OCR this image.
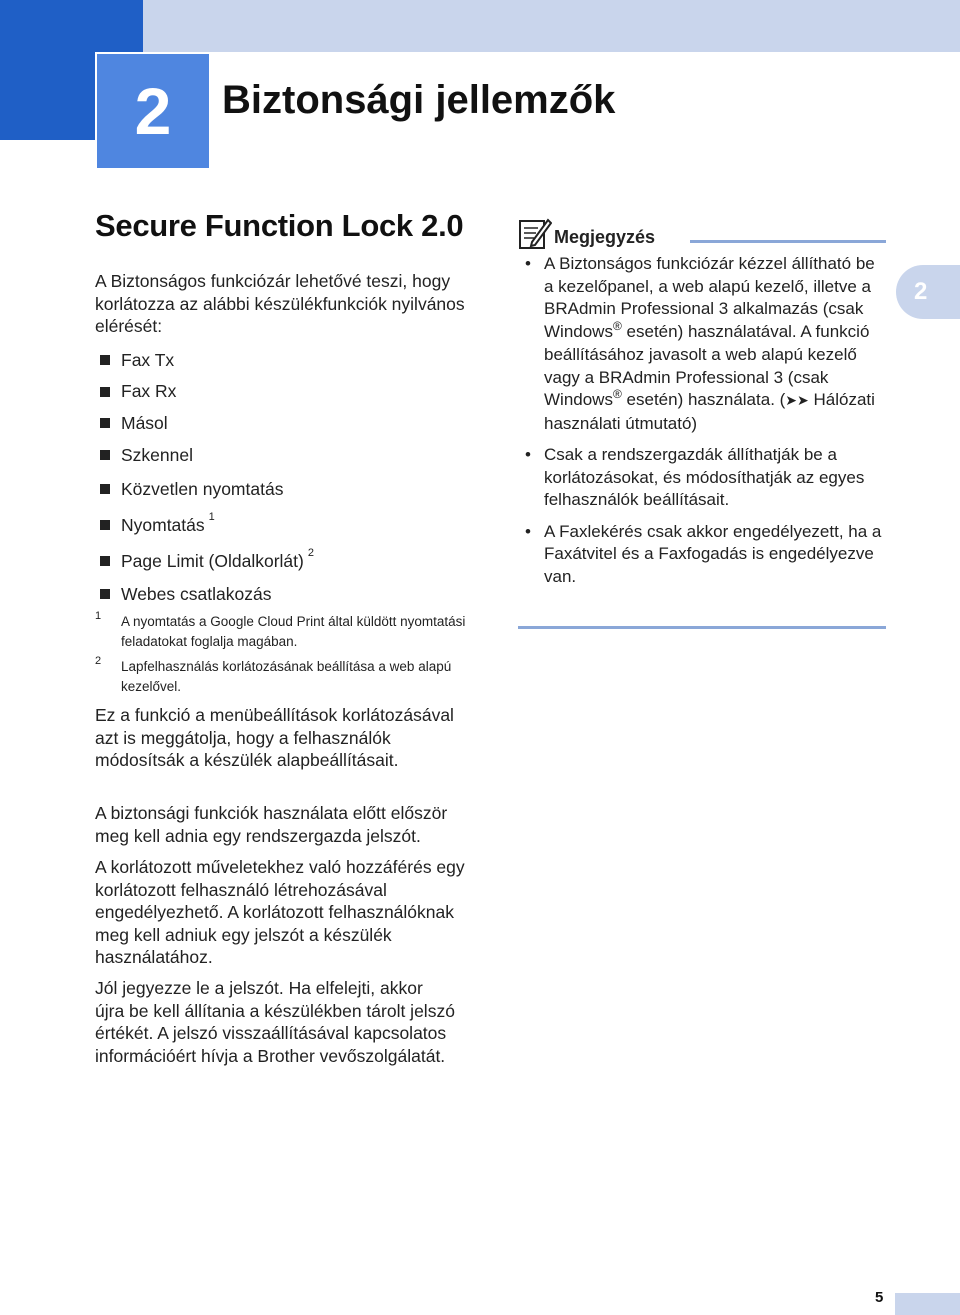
2	Biztonsági jellemzők
2
Secure Function Lock 2.0
A Biztonságos funkciózár lehetővé teszi, hogy korlátozza az alábbi készülékfunkciók nyilvános elérését:
Fax Tx
Fax Rx
Másol
Szkennel
Közvetlen nyomtatás
Nyomtatás 1
Page Limit (Oldalkorlát) 2
Webes csatlakozás
1 A nyomtatás a Google Cloud Print által küldött nyomtatási feladatokat foglalja magában.
2 Lapfelhasználás korlátozásának beállítása a web alapú kezelővel.
Ez a funkció a menübeállítások korlátozásával azt is meggátolja, hogy a felhasználók módosítsák a készülék alapbeállításait.
A biztonsági funkciók használata előtt először meg kell adnia egy rendszergazda jelszót.
A korlátozott műveletekhez való hozzáférés egy korlátozott felhasználó létrehozásával engedélyezhető. A korlátozott felhasználóknak meg kell adniuk egy jelszót a készülék használatához.
Jól jegyezze le a jelszót. Ha elfelejti, akkor újra be kell állítania a készülékben tárolt jelszó értékét. A jelszó visszaállításával kapcsolatos információért hívja a Brother vevőszolgálatát.
Megjegyzés
• A Biztonságos funkciózár kézzel állítható be a kezelőpanel, a web alapú kezelő, illetve a BRAdmin Professional 3 alkalmazás (csak Windows® esetén) használatával. A funkció beállításához javasolt a web alapú kezelő vagy a BRAdmin Professional 3 (csak Windows® esetén) használata. (➤➤ Hálózati használati útmutató)
• Csak a rendszergazdák állíthatják be a korlátozásokat, és módosíthatják az egyes felhasználók beállításait.
• A Faxlekérés csak akkor engedélyezett, ha a Faxátvitel és a Faxfogadás is engedélyezve van.
5
